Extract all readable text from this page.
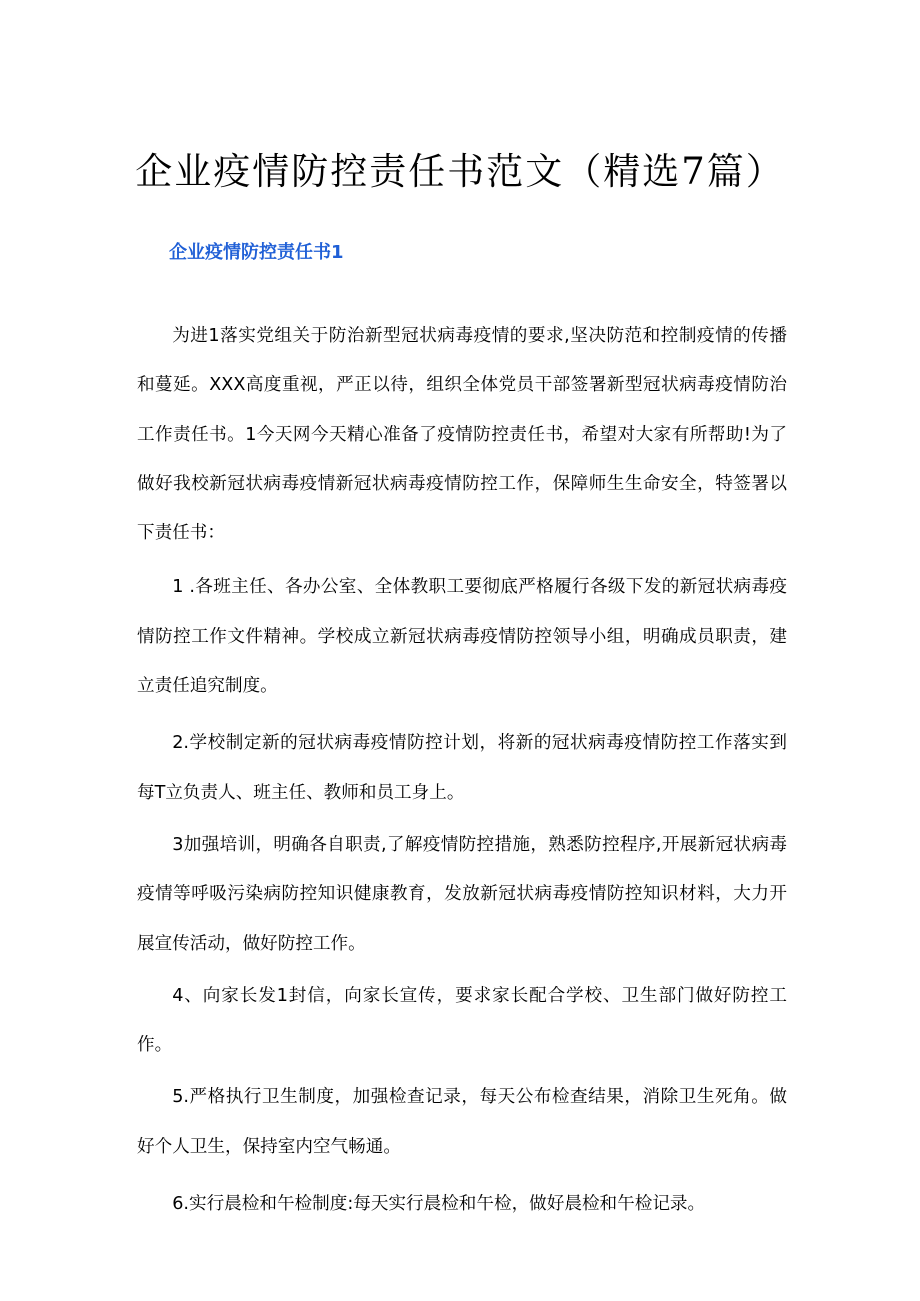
企业疫情防控责任书范文（精选7篇）
企业疫情防控责任书1

为进1落实党组关于防治新型冠状病毒疫情的要求,坚决防范和控制疫情的传播和蔓延。XXX高度重视，严正以待，组织全体党员干部签署新型冠状病毒疫情防治工作责任书。1今天网今天精心准备了疫情防控责任书，希望对大家有所帮助!为了做好我校新冠状病毒疫情新冠状病毒疫情防控工作，保障师生生命安全，特签署以下责任书：

1 .各班主任、各办公室、全体教职工要彻底严格履行各级下发的新冠状病毒疫情防控工作文件精神。学校成立新冠状病毒疫情防控领导小组，明确成员职责，建立责任追究制度。

2.学校制定新的冠状病毒疫情防控计划，将新的冠状病毒疫情防控工作落实到每T立负责人、班主任、教师和员工身上。

3加强培训，明确各自职责,了解疫情防控措施，熟悉防控程序,开展新冠状病毒疫情等呼吸污染病防控知识健康教育，发放新冠状病毒疫情防控知识材料，大力开展宣传活动，做好防控工作。

4、向家长发1封信，向家长宣传，要求家长配合学校、卫生部门做好防控工作。

5.严格执行卫生制度，加强检查记录，每天公布检查结果，消除卫生死角。做好个人卫生，保持室内空气畅通。

6.实行晨检和午检制度:每天实行晨检和午检，做好晨检和午检记录。
